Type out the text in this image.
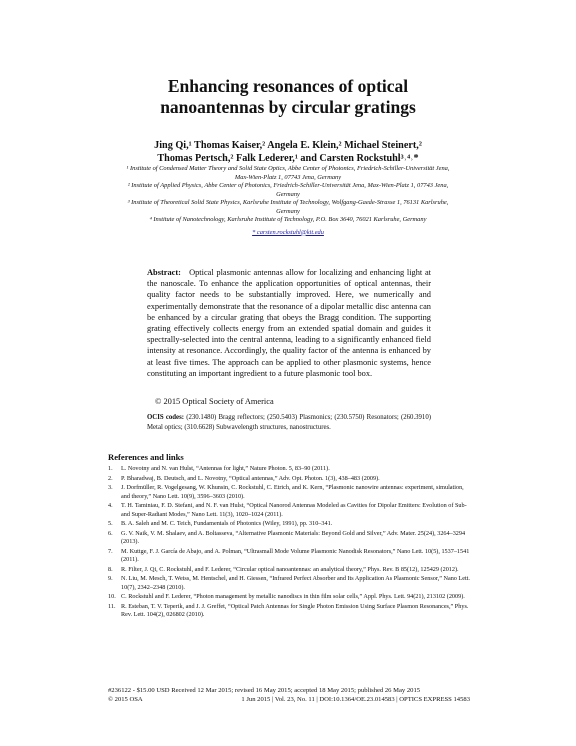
Enhancing resonances of optical
nanoantennas by circular gratings
Jing Qi,¹ Thomas Kaiser,² Angela E. Klein,² Michael Steinert,²
Thomas Pertsch,² Falk Lederer,¹ and Carsten Rockstuhl³˒⁴˒*

¹ Institute of Condensed Matter Theory and Solid State Optics, Abbe Center of Photonics, Friedrich-Schiller-Universität Jena, Max-Wien-Platz 1, 07743 Jena, Germany

² Institute of Applied Physics, Abbe Center of Photonics, Friedrich-Schiller-Universität Jena, Max-Wien-Platz 1, 07743 Jena, Germany

³ Institute of Theoretical Solid State Physics, Karlsruhe Institute of Technology, Wolfgang-Gaede-Strasse 1, 76131 Karlsruhe, Germany

⁴ Institute of Nanotechnology, Karlsruhe Institute of Technology, P.O. Box 3640, 76021 Karlsruhe, Germany

* carsten.rockstuhl@kit.edu

Abstract: Optical plasmonic antennas allow for localizing and enhancing light at the nanoscale. To enhance the application opportunities of optical antennas, their quality factor needs to be substantially improved. Here, we numerically and experimentally demonstrate that the resonance of a dipolar metallic disc antenna can be enhanced by a circular grating that obeys the Bragg condition. The supporting grating effectively collects energy from an extended spatial domain and guides it spectrally-selected into the central antenna, leading to a significantly enhanced field intensity at resonance. Accordingly, the quality factor of the antenna is enhanced by at least five times. The approach can be applied to other plasmonic systems, hence constituting an important ingredient to a future plasmonic tool box.

© 2015 Optical Society of America

OCIS codes: (230.1480) Bragg reflectors; (250.5403) Plasmonics; (230.5750) Resonators; (260.3910) Metal optics; (310.6628) Subwavelength structures, nanostructures.

References and links
1. L. Novotny and N. van Hulst, “Antennas for light,” Nature Photon. 5, 83–90 (2011).
2. P. Bharadwaj, B. Deutsch, and L. Novotny, “Optical antennas,” Adv. Opt. Photon. 1(3), 438–483 (2009).
3. J. Dorfmüller, R. Vogelgesang, W. Khunsin, C. Rockstuhl, C. Etrich, and K. Kern, “Plasmonic nanowire antennas: experiment, simulation, and theory,” Nano Lett. 10(9), 3596–3603 (2010).
4. T. H. Taminiau, F. D. Stefani, and N. F. van Hulst, “Optical Nanorod Antennas Modeled as Cavities for Dipolar Emitters: Evolution of Sub- and Super-Radiant Modes,” Nano Lett. 11(3), 1020–1024 (2011).
5. B. A. Saleh and M. C. Teich, Fundamentals of Photonics (Wiley, 1991), pp. 310–341.
6. G. V. Naik, V. M. Shalaev, and A. Boltasseva, “Alternative Plasmonic Materials: Beyond Gold and Silver,” Adv. Mater. 25(24), 3264–3294 (2013).
7. M. Kuttge, F. J. García de Abajo, and A. Polman, “Ultrasmall Mode Volume Plasmonic Nanodisk Resonators,” Nano Lett. 10(5), 1537–1541 (2011).
8. R. Filter, J. Qi, C. Rockstuhl, and F. Lederer, “Circular optical nanoantennas: an analytical theory,” Phys. Rev. B 85(12), 125429 (2012).
9. N. Liu, M. Mesch, T. Weiss, M. Hentschel, and H. Giessen, “Infrared Perfect Absorber and Its Application As Plasmonic Sensor,” Nano Lett. 10(7), 2342–2348 (2010).
10. C. Rockstuhl and F. Lederer, “Photon management by metallic nanodiscs in thin film solar cells,” Appl. Phys. Lett. 94(21), 213102 (2009).
11. R. Esteban, T. V. Teperik, and J. J. Greffet, “Optical Patch Antennas for Single Photon Emission Using Surface Plasmon Resonances,” Phys. Rev. Lett. 104(2), 026802 (2010).
#236122 - $15.00 USD Received 12 Mar 2015; revised 16 May 2015; accepted 18 May 2015; published 26 May 2015
© 2015 OSA	1 Jun 2015 | Vol. 23, No. 11 | DOI:10.1364/OE.23.014583 | OPTICS EXPRESS 14583
